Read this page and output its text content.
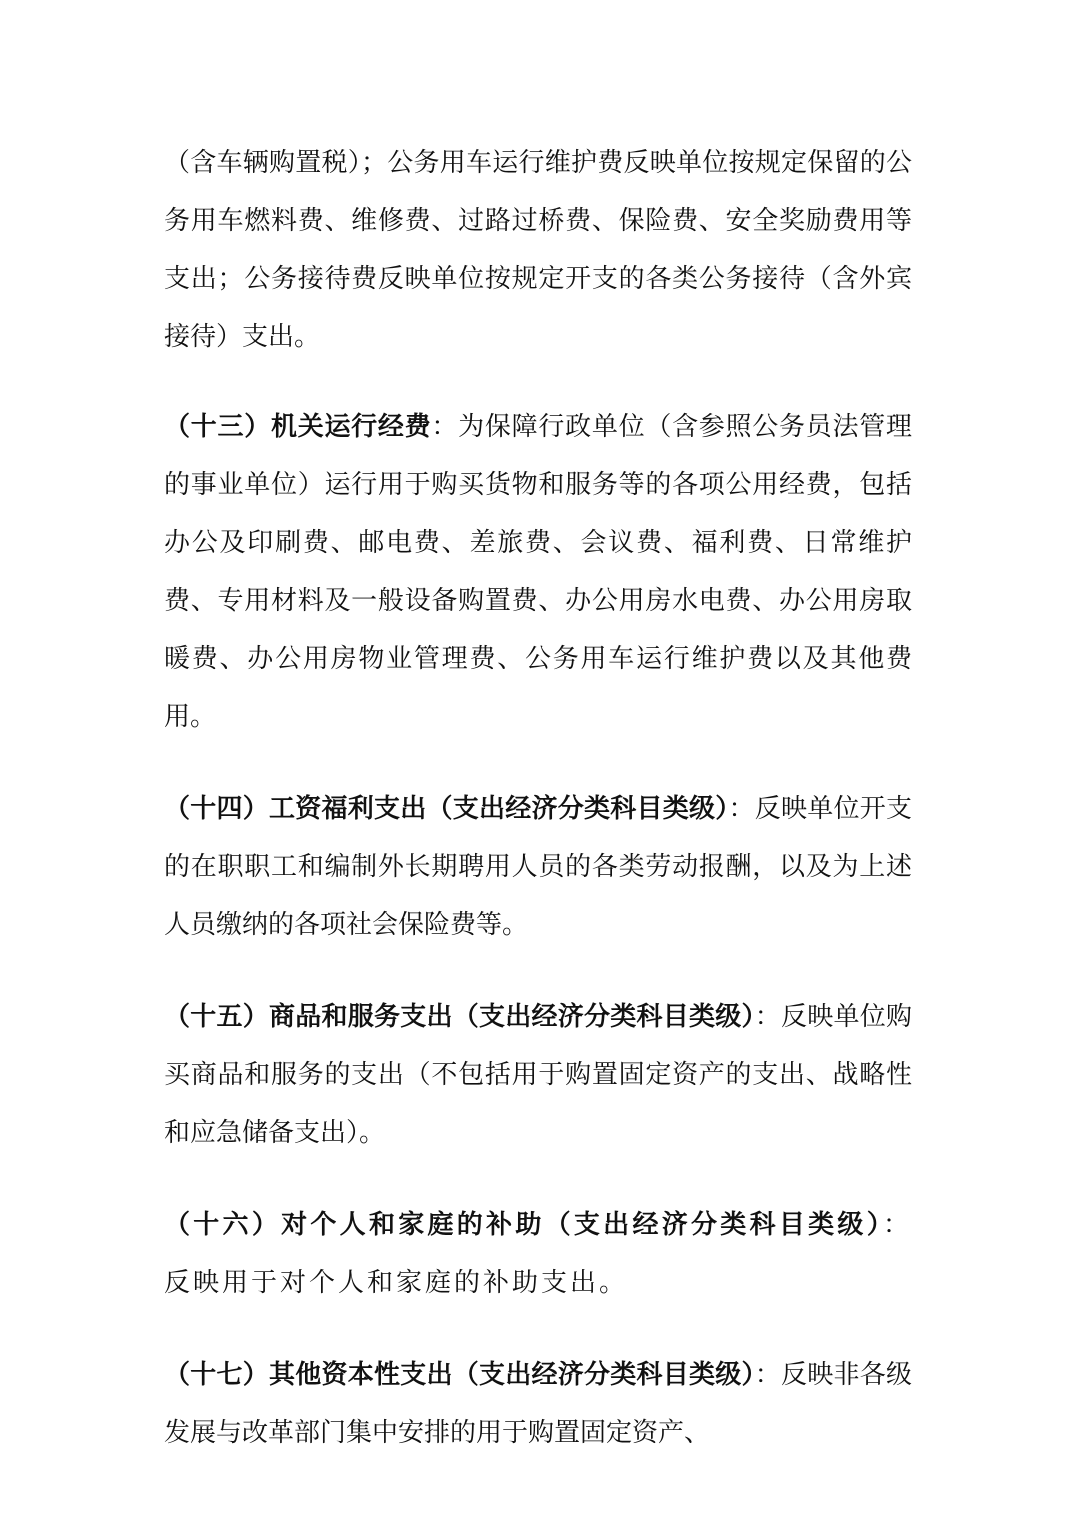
（含车辆购置税）；公务用车运行维护费反映单位按规定保留的公务用车燃料费、维修费、过路过桥费、保险费、安全奖励费用等支出；公务接待费反映单位按规定开支的各类公务接待（含外宾接待）支出。

（十三）机关运行经费：为保障行政单位（含参照公务员法管理的事业单位）运行用于购买货物和服务等的各项公用经费，包括办公及印刷费、邮电费、差旅费、会议费、福利费、日常维护费、专用材料及一般设备购置费、办公用房水电费、办公用房取暖费、办公用房物业管理费、公务用车运行维护费以及其他费用。

（十四）工资福利支出（支出经济分类科目类级）：反映单位开支的在职职工和编制外长期聘用人员的各类劳动报酬，以及为上述人员缴纳的各项社会保险费等。

（十五）商品和服务支出（支出经济分类科目类级）：反映单位购买商品和服务的支出（不包括用于购置固定资产的支出、战略性和应急储备支出）。

（十六）对个人和家庭的补助（支出经济分类科目类级）：反映用于对个人和家庭的补助支出。

（十七）其他资本性支出（支出经济分类科目类级）：反映非各级发展与改革部门集中安排的用于购置固定资产、
